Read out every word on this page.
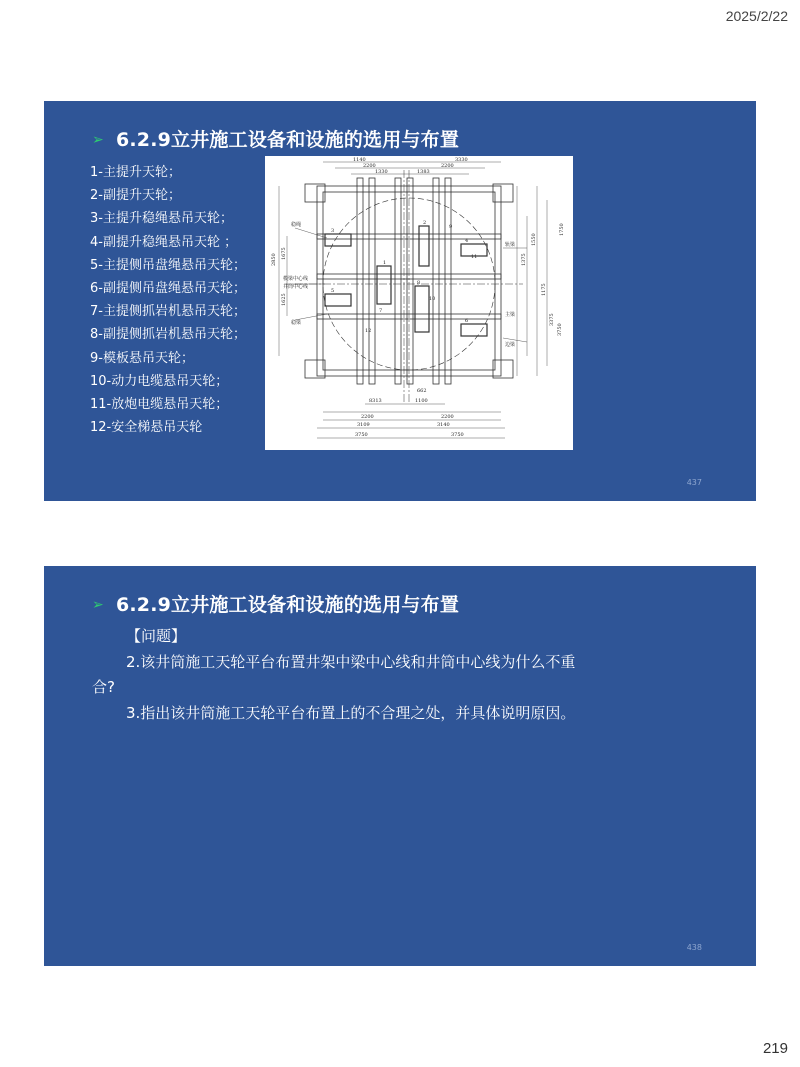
2025/2/22
➢ 6.2.9立井施工设备和设施的选用与布置
1-主提升天轮；
2-副提升天轮；
3-主提升稳绳悬吊天轮；
4-副提升稳绳悬吊天轮 ；
5-主提侧吊盘绳悬吊天轮；
6-副提侧吊盘绳悬吊天轮；
7-主提侧抓岩机悬吊天轮；
8-副提侧抓岩机悬吊天轮；
9-模板悬吊天轮；
10-动力电缆悬吊天轮；
11-放炮电缆悬吊天轮；
12-安全梯悬吊天轮
稳绳
模梁中心线
井筒中心线
稳梁
轨梁
主梁
边梁
1140	3330
2200	2200
1330	1383
8313	1100
2200	2200
3109	3140
3750	3750
662
2850 1675
1625
1750
1375
1550
1175
3375
3750
1
2
3
4
5
6
7
8
9
10
11
12
437
➢ 6.2.9立井施工设备和设施的选用与布置

【问题】

2.该井筒施工天轮平台布置井架中梁中心线和井筒中心线为什么不重合?

3.指出该井筒施工天轮平台布置上的不合理之处，并具体说明原因。

438
219
